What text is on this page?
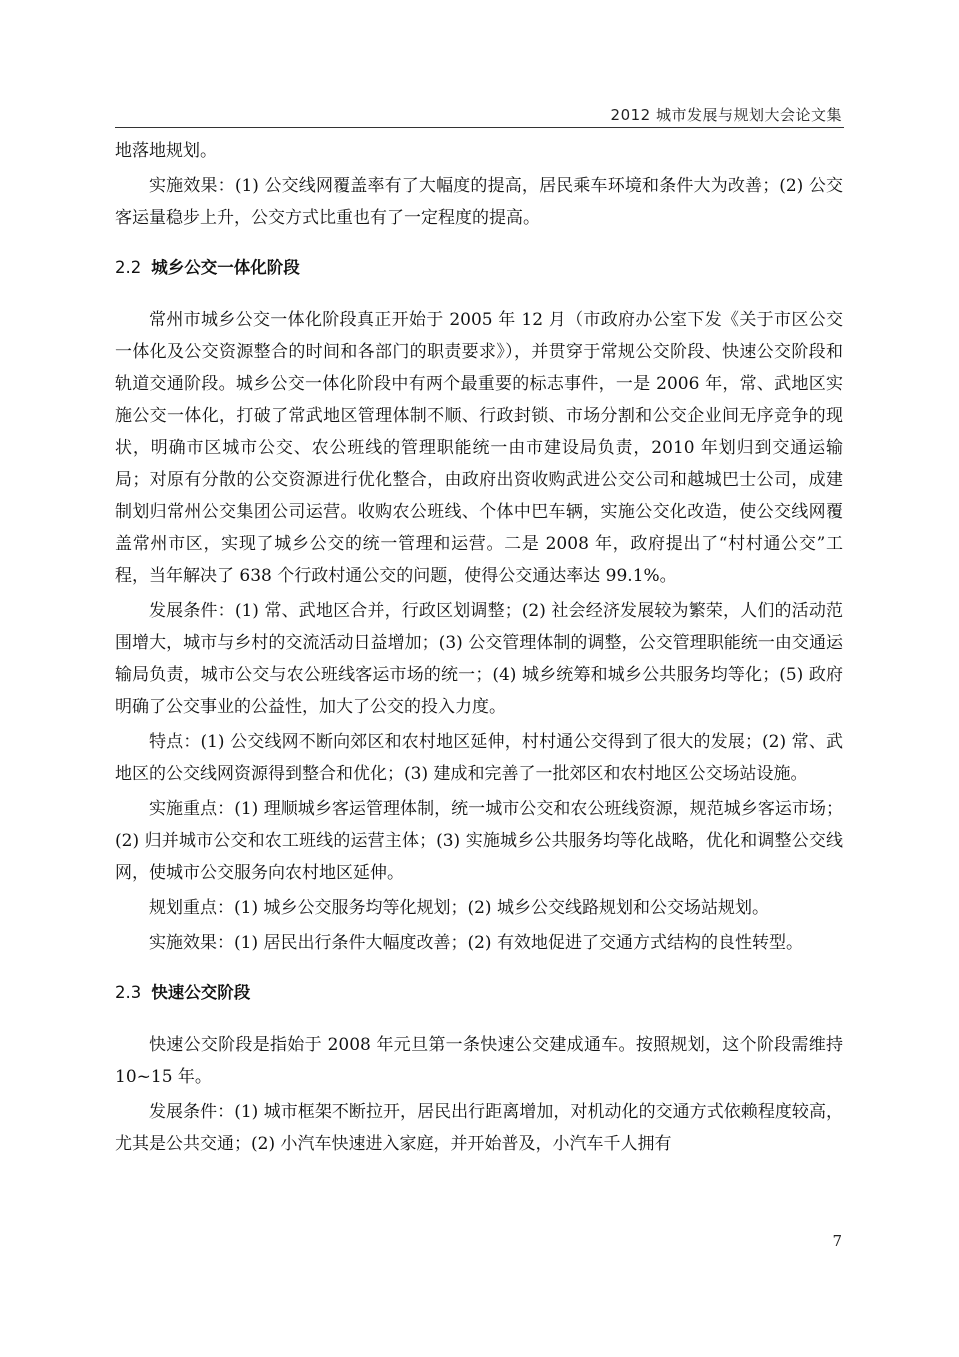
2012 城市发展与规划大会论文集

地落地规划。

实施效果：(1) 公交线网覆盖率有了大幅度的提高，居民乘车环境和条件大为改善；(2) 公交客运量稳步上升，公交方式比重也有了一定程度的提高。

2.2 城乡公交一体化阶段

常州市城乡公交一体化阶段真正开始于 2005 年 12 月（市政府办公室下发《关于市区公交一体化及公交资源整合的时间和各部门的职责要求》），并贯穿于常规公交阶段、快速公交阶段和轨道交通阶段。城乡公交一体化阶段中有两个最重要的标志事件，一是 2006 年，常、武地区实施公交一体化，打破了常武地区管理体制不顺、行政封锁、市场分割和公交企业间无序竞争的现状，明确市区城市公交、农公班线的管理职能统一由市建设局负责，2010 年划归到交通运输局；对原有分散的公交资源进行优化整合，由政府出资收购武进公交公司和越城巴士公司，成建制划归常州公交集团公司运营。收购农公班线、个体中巴车辆，实施公交化改造，使公交线网覆盖常州市区，实现了城乡公交的统一管理和运营。二是 2008 年，政府提出了“村村通公交”工程，当年解决了 638 个行政村通公交的问题，使得公交通达率达 99.1%。

发展条件：(1) 常、武地区合并，行政区划调整；(2) 社会经济发展较为繁荣，人们的活动范围增大，城市与乡村的交流活动日益增加；(3) 公交管理体制的调整，公交管理职能统一由交通运输局负责，城市公交与农公班线客运市场的统一；(4) 城乡统筹和城乡公共服务均等化；(5) 政府明确了公交事业的公益性，加大了公交的投入力度。

特点：(1) 公交线网不断向郊区和农村地区延伸，村村通公交得到了很大的发展；(2) 常、武地区的公交线网资源得到整合和优化；(3) 建成和完善了一批郊区和农村地区公交场站设施。

实施重点：(1) 理顺城乡客运管理体制，统一城市公交和农公班线资源，规范城乡客运市场；(2) 归并城市公交和农工班线的运营主体；(3) 实施城乡公共服务均等化战略，优化和调整公交线网，使城市公交服务向农村地区延伸。

规划重点：(1) 城乡公交服务均等化规划；(2) 城乡公交线路规划和公交场站规划。

实施效果：(1) 居民出行条件大幅度改善；(2) 有效地促进了交通方式结构的良性转型。

2.3 快速公交阶段

快速公交阶段是指始于 2008 年元旦第一条快速公交建成通车。按照规划，这个阶段需维持 10~15 年。

发展条件：(1) 城市框架不断拉开，居民出行距离增加，对机动化的交通方式依赖程度较高，尤其是公共交通；(2) 小汽车快速进入家庭，并开始普及，小汽车千人拥有

7
